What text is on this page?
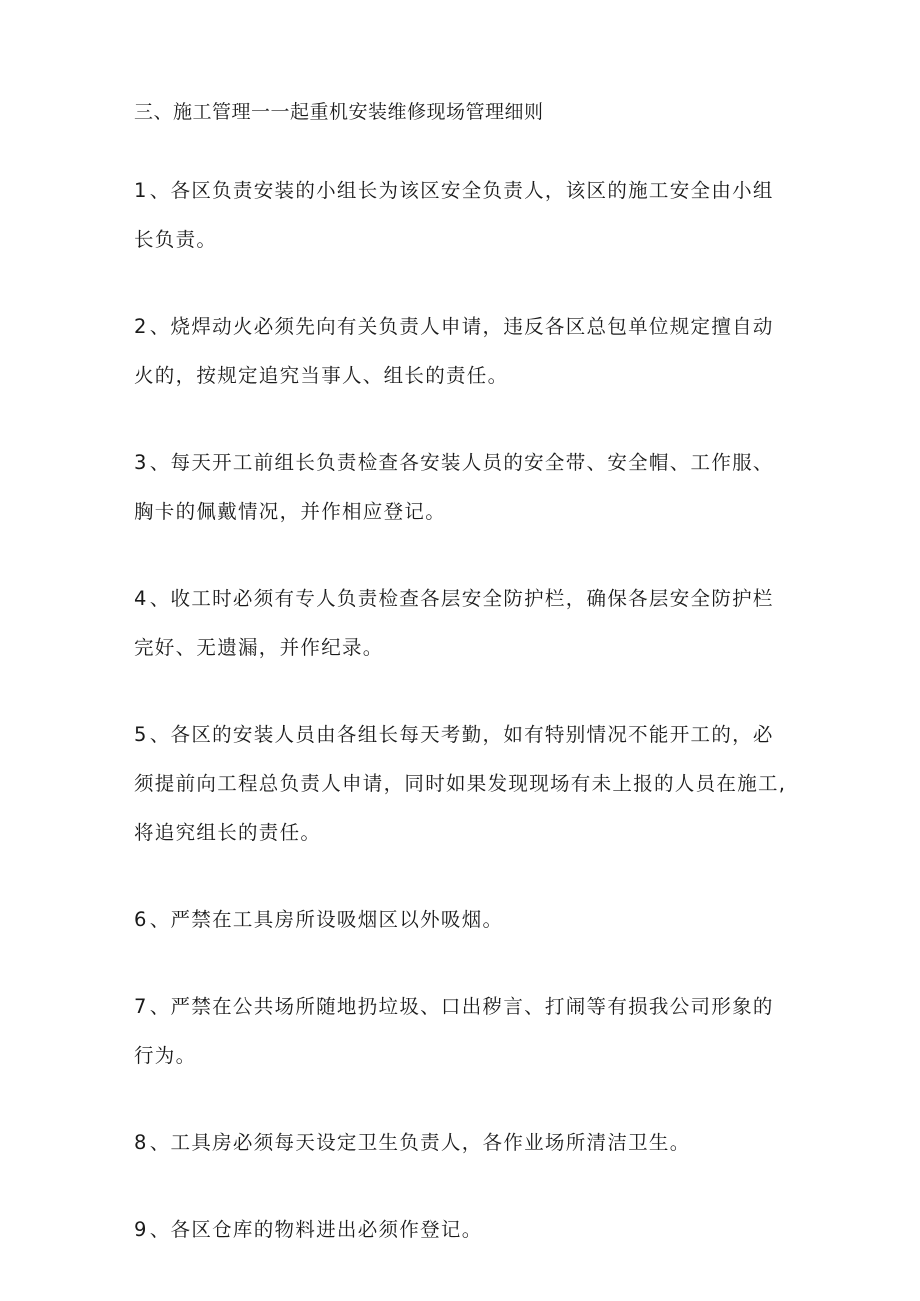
三、施工管理一一起重机安装维修现场管理细则

1 、各区负责安装的小组长为该区安全负责人，该区的施工安全由小组长负责。

2 、烧焊动火必须先向有关负责人申请，违反各区总包单位规定擅自动火的，按规定追究当事人、组长的责任。

3 、每天开工前组长负责检查各安装人员的安全带、安全帽、工作服、胸卡的佩戴情况，并作相应登记。

4 、收工时必须有专人负责检查各层安全防护栏，确保各层安全防护栏完好、无遗漏，并作纪录。

5 、各区的安装人员由各组长每天考勤，如有特别情况不能开工的，必须提前向工程总负责人申请，同时如果发现现场有未上报的人员在施工,将追究组长的责任。

6 、严禁在工具房所设吸烟区以外吸烟。

7 、严禁在公共场所随地扔垃圾、口出秽言、打闹等有损我公司形象的行为。

8 、工具房必须每天设定卫生负责人，各作业场所清洁卫生。

9 、各区仓库的物料进出必须作登记。
